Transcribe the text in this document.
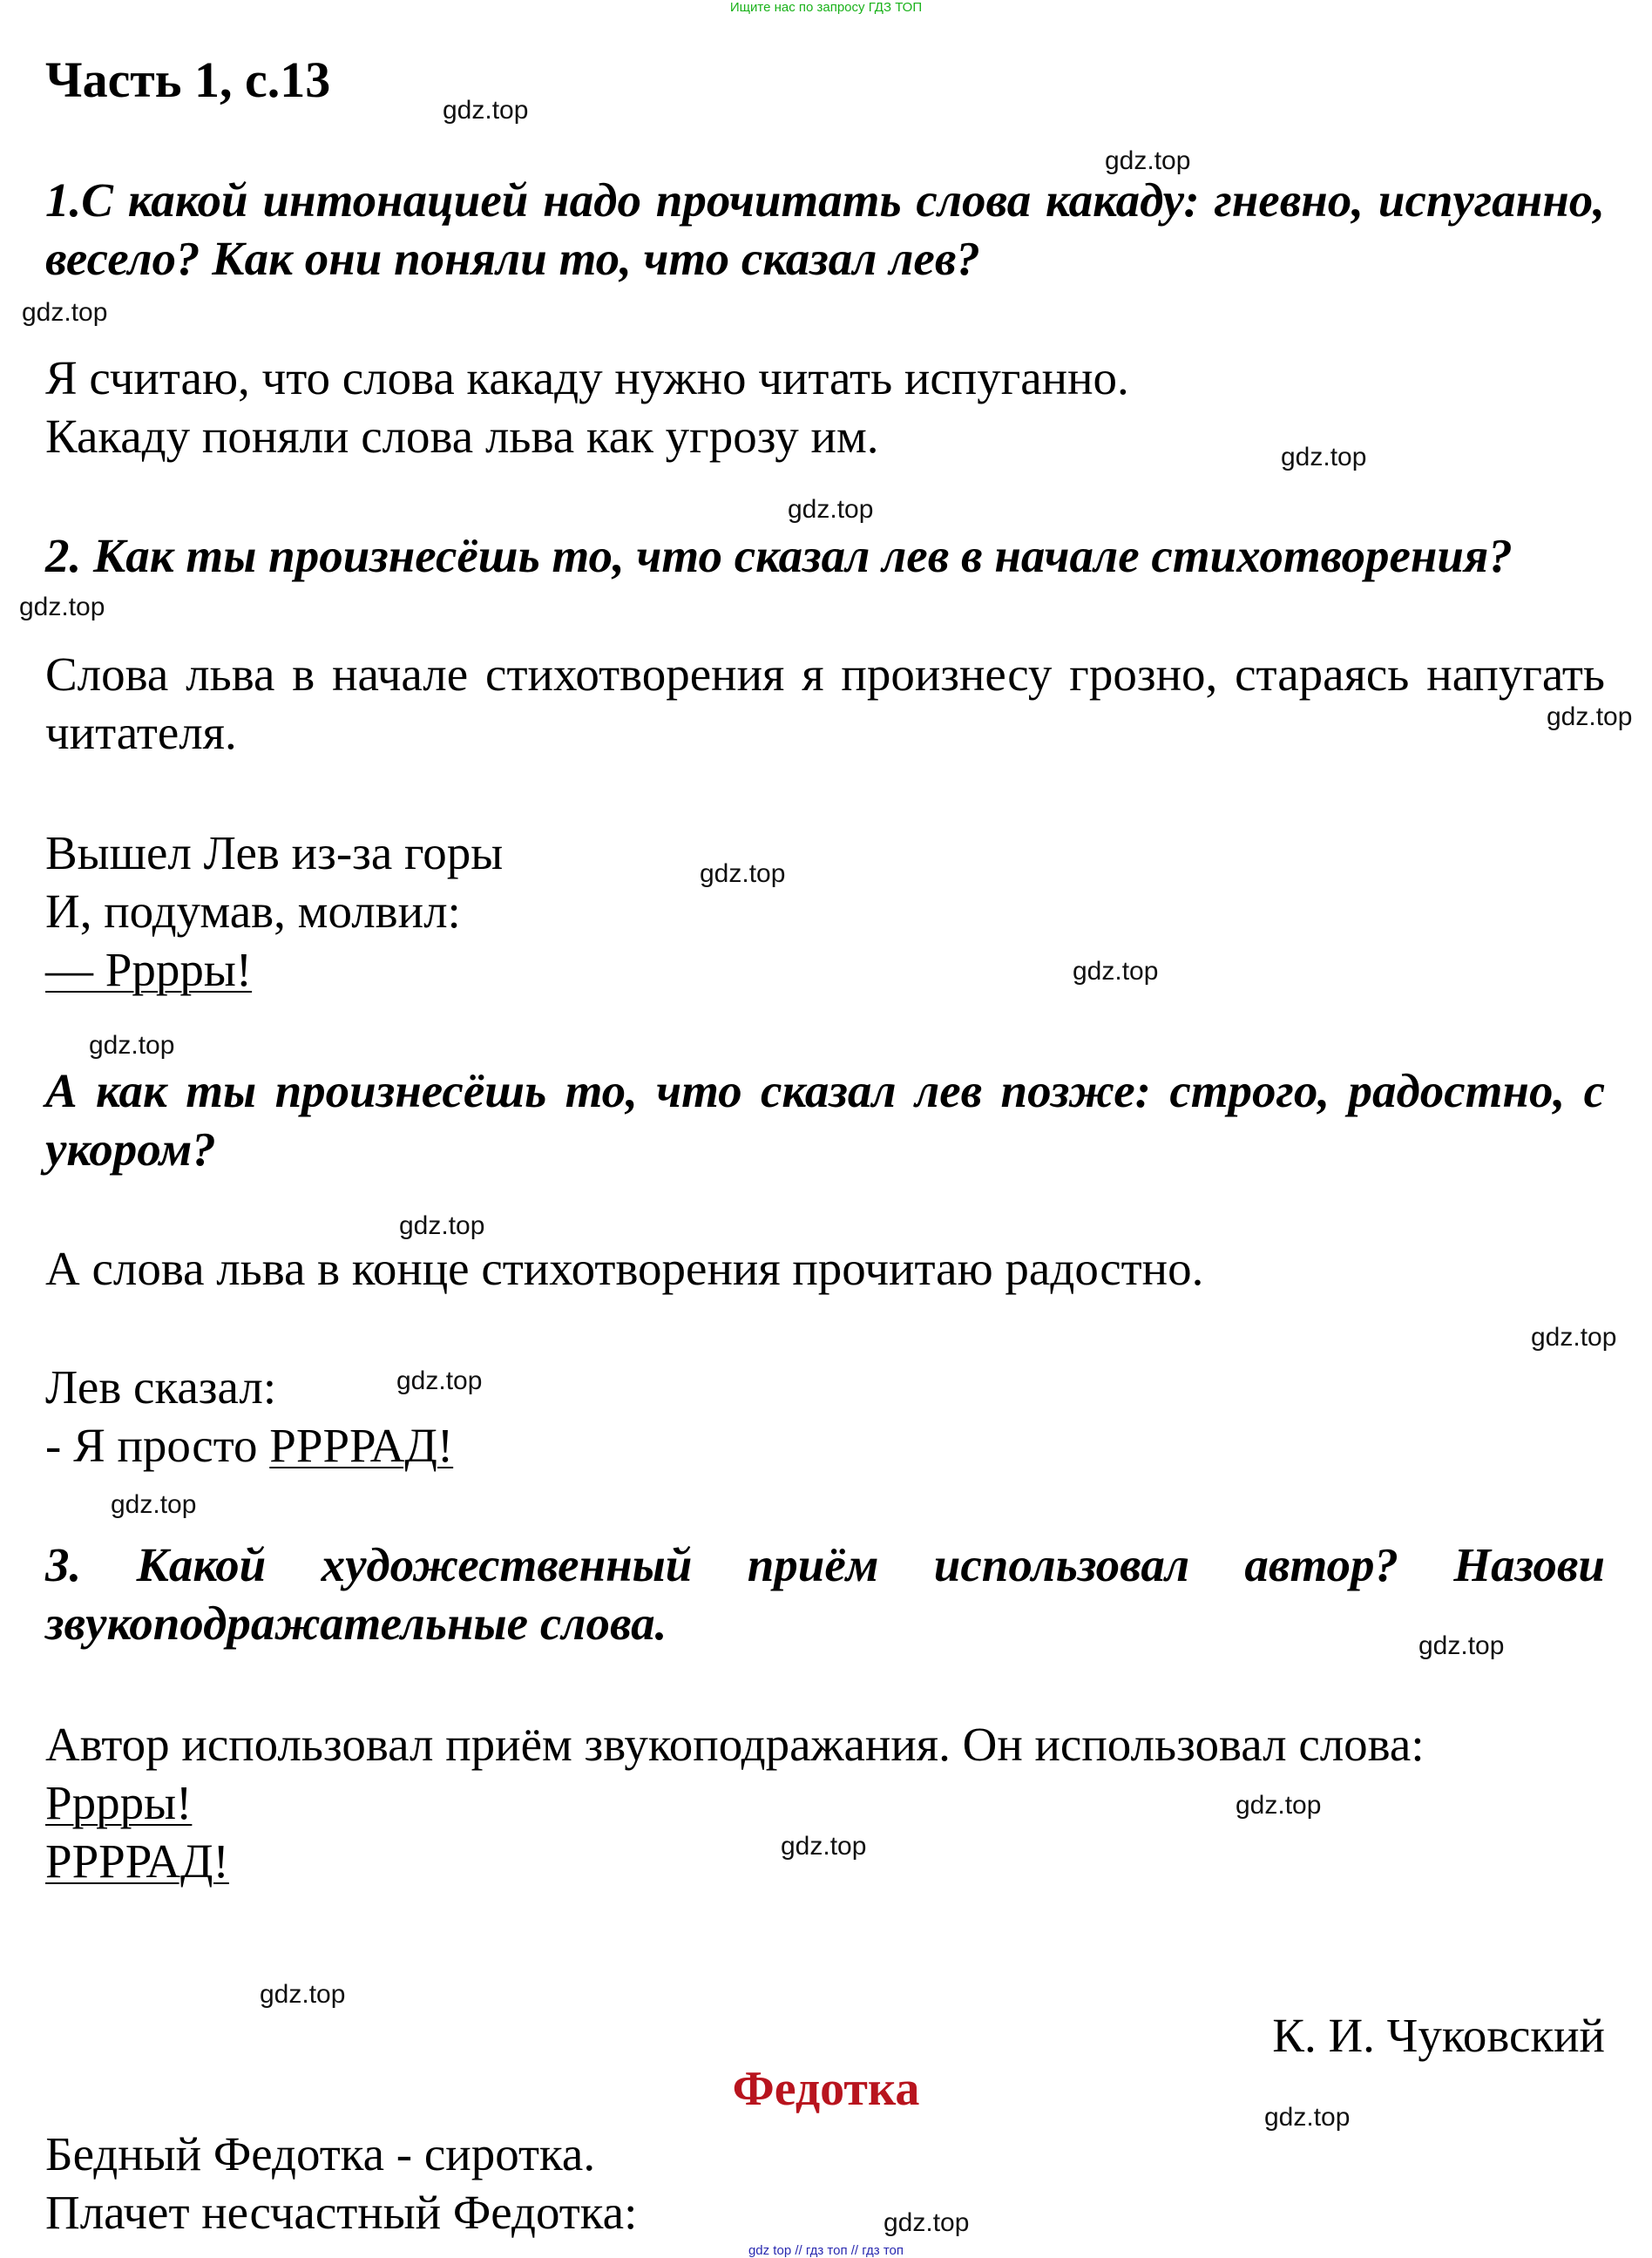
Ищите нас по запросу ГДЗ ТОП
Часть 1, с.13
1.С какой интонацией надо прочитать слова какаду: гневно, испуганно, весело? Как они поняли то, что сказал лев?
Я считаю, что слова какаду нужно читать испуганно.
Какаду поняли слова льва как угрозу им.
2. Как ты произнесёшь то, что сказал лев в начале стихотворения?
Слова льва в начале стихотворения я произнесу грозно, стараясь напугать читателя.
Вышел Лев из-за горы
И, подумав, молвил:
— Рррры!
А как ты произнесёшь то, что сказал лев позже: строго, радостно, с укором?
А слова льва в конце стихотворения прочитаю радостно.
Лев сказал:
- Я просто РРРРАД!
3. Какой художественный приём использовал автор? Назови звукоподражательные слова.
Автор использовал приём звукоподражания. Он использовал слова:
Рррры!
РРРРАД!
К. И. Чуковский
Федотка
Бедный Федотка - сиротка.
Плачет несчастный Федотка:
gdz.top
gdz.top
gdz.top
gdz.top
gdz.top
gdz.top
gdz.top
gdz.top
gdz.top
gdz.top
gdz.top
gdz.top
gdz.top
gdz.top
gdz.top
gdz.top
gdz.top
gdz.top
gdz.top
gdz.top
gdz top // гдз топ // гдз топ
